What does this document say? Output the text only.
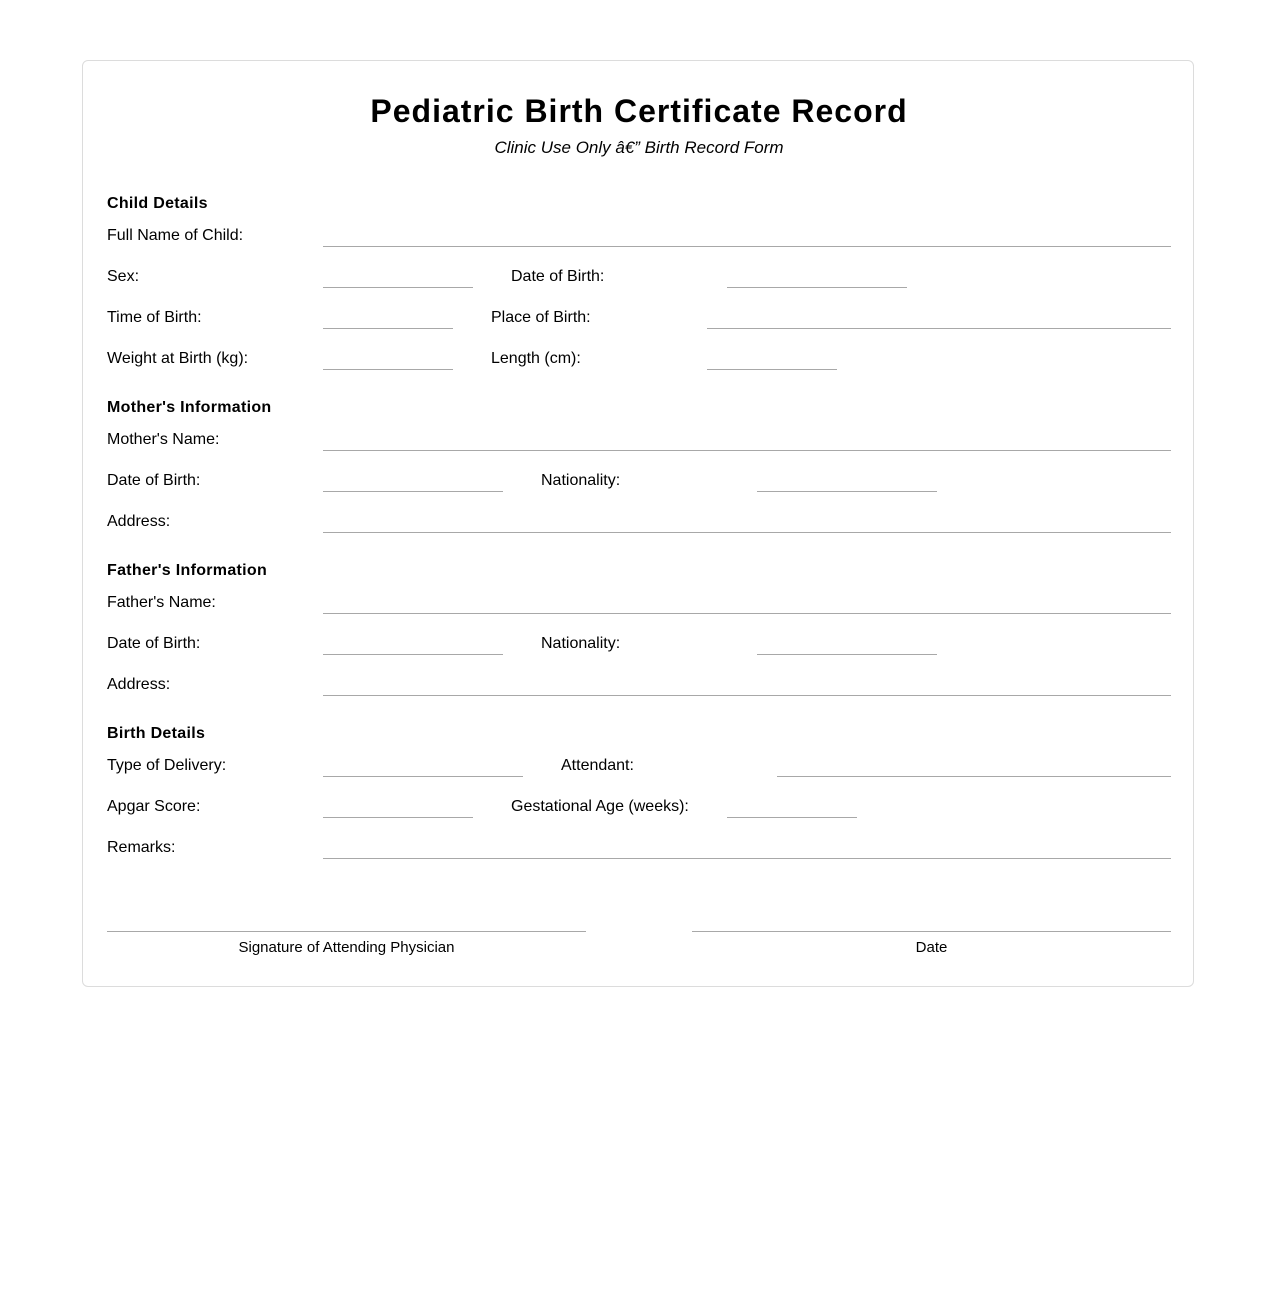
Pediatric Birth Certificate Record
Clinic Use Only â€” Birth Record Form
Child Details
Full Name of Child:
Sex:	Date of Birth:
Time of Birth:	Place of Birth:
Weight at Birth (kg):	Length (cm):
Mother's Information
Mother's Name:
Date of Birth:	Nationality:
Address:
Father's Information
Father's Name:
Date of Birth:	Nationality:
Address:
Birth Details
Type of Delivery:	Attendant:
Apgar Score:	Gestational Age (weeks):
Remarks:
Signature of Attending Physician	Date
